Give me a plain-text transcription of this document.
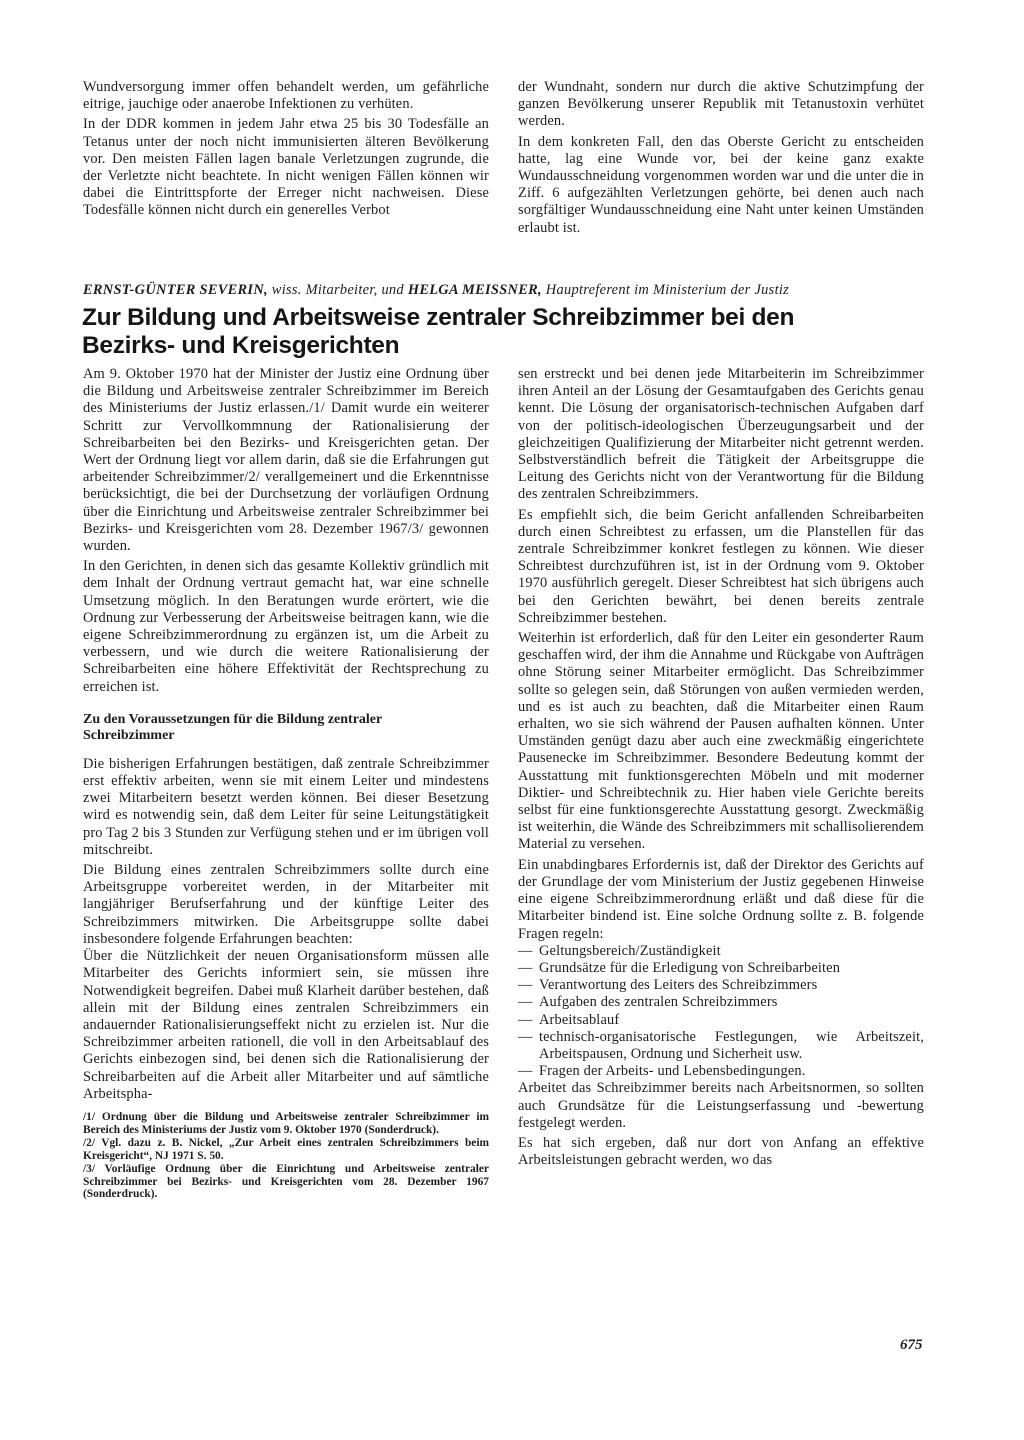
Wundversorgung immer offen behandelt werden, um gefährliche eitrige, jauchige oder anaerobe Infektionen zu verhüten.

In der DDR kommen in jedem Jahr etwa 25 bis 30 Todesfälle an Tetanus unter der noch nicht immunisierten älteren Bevölkerung vor. Den meisten Fällen lagen banale Verletzungen zugrunde, die der Verletzte nicht beachtete. In nicht wenigen Fällen können wir dabei die Eintrittspforte der Erreger nicht nachweisen. Diese Todesfälle können nicht durch ein generelles Verbot

der Wundnaht, sondern nur durch die aktive Schutzimpfung der ganzen Bevölkerung unserer Republik mit Tetanustoxin verhütet werden.

In dem konkreten Fall, den das Oberste Gericht zu entscheiden hatte, lag eine Wunde vor, bei der keine ganz exakte Wundausschneidung vorgenommen worden war und die unter die in Ziff. 6 aufgezählten Verletzungen gehörte, bei denen auch nach sorgfältiger Wundausschneidung eine Naht unter keinen Umständen erlaubt ist.

ERNST-GÜNTER SEVERIN, wiss. Mitarbeiter, und HELGA MEISSNER, Hauptreferent im Ministerium der Justiz

Zur Bildung und Arbeitsweise zentraler Schreibzimmer bei den Bezirks- und Kreisgerichten

Am 9. Oktober 1970 hat der Minister der Justiz eine Ordnung über die Bildung und Arbeitsweise zentraler Schreibzimmer im Bereich des Ministeriums der Justiz erlassen./1/ Damit wurde ein weiterer Schritt zur Vervollkommnung der Rationalisierung der Schreibarbeiten bei den Bezirks- und Kreisgerichten getan. Der Wert der Ordnung liegt vor allem darin, daß sie die Erfahrungen gut arbeitender Schreibzimmer/2/ verallgemeinert und die Erkenntnisse berücksichtigt, die bei der Durchsetzung der vorläufigen Ordnung über die Einrichtung und Arbeitsweise zentraler Schreibzimmer bei Bezirks- und Kreisgerichten vom 28. Dezember 1967/3/ gewonnen wurden.

In den Gerichten, in denen sich das gesamte Kollektiv gründlich mit dem Inhalt der Ordnung vertraut gemacht hat, war eine schnelle Umsetzung möglich. In den Beratungen wurde erörtert, wie die Ordnung zur Verbesserung der Arbeitsweise beitragen kann, wie die eigene Schreibzimmerordnung zu ergänzen ist, um die Arbeit zu verbessern, und wie durch die weitere Rationalisierung der Schreibarbeiten eine höhere Effektivität der Rechtsprechung zu erreichen ist.

Zu den Voraussetzungen für die Bildung zentraler Schreibzimmer

Die bisherigen Erfahrungen bestätigen, daß zentrale Schreibzimmer erst effektiv arbeiten, wenn sie mit einem Leiter und mindestens zwei Mitarbeitern besetzt werden können. Bei dieser Besetzung wird es notwendig sein, daß dem Leiter für seine Leitungstätigkeit pro Tag 2 bis 3 Stunden zur Verfügung stehen und er im übrigen voll mitschreibt.

Die Bildung eines zentralen Schreibzimmers sollte durch eine Arbeitsgruppe vorbereitet werden, in der Mitarbeiter mit langjähriger Berufserfahrung und der künftige Leiter des Schreibzimmers mitwirken. Die Arbeitsgruppe sollte dabei insbesondere folgende Erfahrungen beachten:

Über die Nützlichkeit der neuen Organisationsform müssen alle Mitarbeiter des Gerichts informiert sein, sie müssen ihre Notwendigkeit begreifen. Dabei muß Klarheit darüber bestehen, daß allein mit der Bildung eines zentralen Schreibzimmers ein andauernder Rationalisierungseffekt nicht zu erzielen ist. Nur die Schreibzimmer arbeiten rationell, die voll in den Arbeitsablauf des Gerichts einbezogen sind, bei denen sich die Rationalisierung der Schreibarbeiten auf die Arbeit aller Mitarbeiter und auf sämtliche Arbeitspha-

/1/ Ordnung über die Bildung und Arbeitsweise zentraler Schreibzimmer im Bereich des Ministeriums der Justiz vom 9. Oktober 1970 (Sonderdruck).

/2/ Vgl. dazu z. B. Nickel, „Zur Arbeit eines zentralen Schreibzimmers beim Kreisgericht“, NJ 1971 S. 50.

/3/ Vorläufige Ordnung über die Einrichtung und Arbeitsweise zentraler Schreibzimmer bei Bezirks- und Kreisgerichten vom 28. Dezember 1967 (Sonderdruck).

sen erstreckt und bei denen jede Mitarbeiterin im Schreibzimmer ihren Anteil an der Lösung der Gesamtaufgaben des Gerichts genau kennt. Die Lösung der organisatorisch-technischen Aufgaben darf von der politisch-ideologischen Überzeugungsarbeit und der gleichzeitigen Qualifizierung der Mitarbeiter nicht getrennt werden. Selbstverständlich befreit die Tätigkeit der Arbeitsgruppe die Leitung des Gerichts nicht von der Verantwortung für die Bildung des zentralen Schreibzimmers.

Es empfiehlt sich, die beim Gericht anfallenden Schreibarbeiten durch einen Schreibtest zu erfassen, um die Planstellen für das zentrale Schreibzimmer konkret festlegen zu können. Wie dieser Schreibtest durchzuführen ist, ist in der Ordnung vom 9. Oktober 1970 ausführlich geregelt. Dieser Schreibtest hat sich übrigens auch bei den Gerichten bewährt, bei denen bereits zentrale Schreibzimmer bestehen.

Weiterhin ist erforderlich, daß für den Leiter ein gesonderter Raum geschaffen wird, der ihm die Annahme und Rückgabe von Aufträgen ohne Störung seiner Mitarbeiter ermöglicht. Das Schreibzimmer sollte so gelegen sein, daß Störungen von außen vermieden werden, und es ist auch zu beachten, daß die Mitarbeiter einen Raum erhalten, wo sie sich während der Pausen aufhalten können. Unter Umständen genügt dazu aber auch eine zweckmäßig eingerichtete Pausenecke im Schreibzimmer. Besondere Bedeutung kommt der Ausstattung mit funktionsgerechten Möbeln und mit moderner Diktier- und Schreibtechnik zu. Hier haben viele Gerichte bereits selbst für eine funktionsgerechte Ausstattung gesorgt. Zweckmäßig ist weiterhin, die Wände des Schreibzimmers mit schallisolierendem Material zu versehen.

Ein unabdingbares Erfordernis ist, daß der Direktor des Gerichts auf der Grundlage der vom Ministerium der Justiz gegebenen Hinweise eine eigene Schreibzimmerordnung erläßt und daß diese für die Mitarbeiter bindend ist. Eine solche Ordnung sollte z. B. folgende Fragen regeln:

— Geltungsbereich/Zuständigkeit
— Grundsätze für die Erledigung von Schreibarbeiten
— Verantwortung des Leiters des Schreibzimmers
— Aufgaben des zentralen Schreibzimmers
— Arbeitsablauf
— technisch-organisatorische Festlegungen, wie Arbeitszeit, Arbeitspausen, Ordnung und Sicherheit usw.
— Fragen der Arbeits- und Lebensbedingungen.

Arbeitet das Schreibzimmer bereits nach Arbeitsnormen, so sollten auch Grundsätze für die Leistungserfassung und -bewertung festgelegt werden.

Es hat sich ergeben, daß nur dort von Anfang an effektive Arbeitsleistungen gebracht werden, wo das

675
